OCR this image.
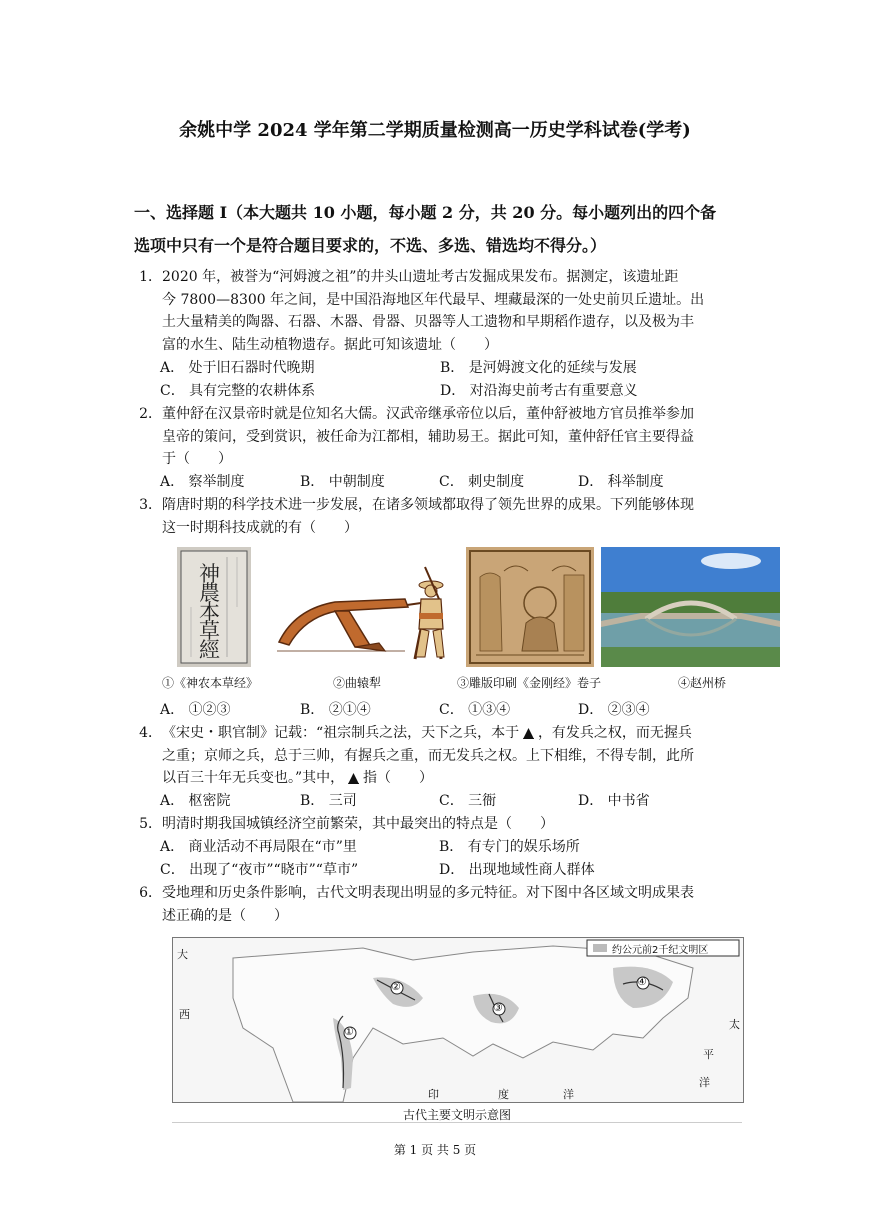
余姚中学 2024 学年第二学期质量检测高一历史学科试卷(学考)
一、选择题 I（本大题共 10 小题，每小题 2 分，共 20 分。每小题列出的四个备
选项中只有一个是符合题目要求的，不选、多选、错选均不得分。）
1． 2020 年，被誉为“河姆渡之祖”的井头山遗址考古发掘成果发布。据测定，该遗址距
今 7800—8300 年之间，是中国沿海地区年代最早、埋藏最深的一处史前贝丘遗址。出
土大量精美的陶器、石器、木器、骨器、贝器等人工遗物和早期稻作遗存，以及极为丰
富的水生、陆生动植物遗存。据此可知该遗址（　　）
A． 处于旧石器时代晚期	B． 是河姆渡文化的延续与发展
C． 具有完整的农耕体系	D． 对沿海史前考古有重要意义
2． 董仲舒在汉景帝时就是位知名大儒。汉武帝继承帝位以后，董仲舒被地方官员推举参加
皇帝的策问，受到赏识，被任命为江都相，辅助易王。据此可知，董仲舒任官主要得益
于（　　）
A． 察举制度	B． 中朝制度	C． 刺史制度	D． 科举制度
3． 隋唐时期的科学技术进一步发展，在诸多领域都取得了领先世界的成果。下列能够体现
这一时期科技成就的有（　　）
神農本草經
①《神农本草经》	②曲辕犁	③雕版印刷《金刚经》卷子	④赵州桥
A． ①②③	B． ②①④	C． ①③④	D． ②③④
4． 《宋史・职官制》记载：“祖宗制兵之法，天下之兵，本于 ▲ ，有发兵之权，而无握兵
之重；京师之兵，总于三帅，有握兵之重，而无发兵之权。上下相维，不得专制，此所
以百三十年无兵变也。”其中， ▲ 指（　　）
A． 枢密院	B． 三司	C． 三衙	D． 中书省
5． 明清时期我国城镇经济空前繁荣，其中最突出的特点是（　　）
A． 商业活动不再局限在“市”里	B． 有专门的娱乐场所
C． 出现了“夜市”“晓市”“草市”	D． 出现地域性商人群体
6． 受地理和历史条件影响，古代文明表现出明显的多元特征。对下图中各区域文明成果表
述正确的是（　　）
约公元前2千纪文明区
①
②
③
④
大
西
印	度	洋
太
平
洋
古代主要文明示意图
第 1 页 共 5 页
